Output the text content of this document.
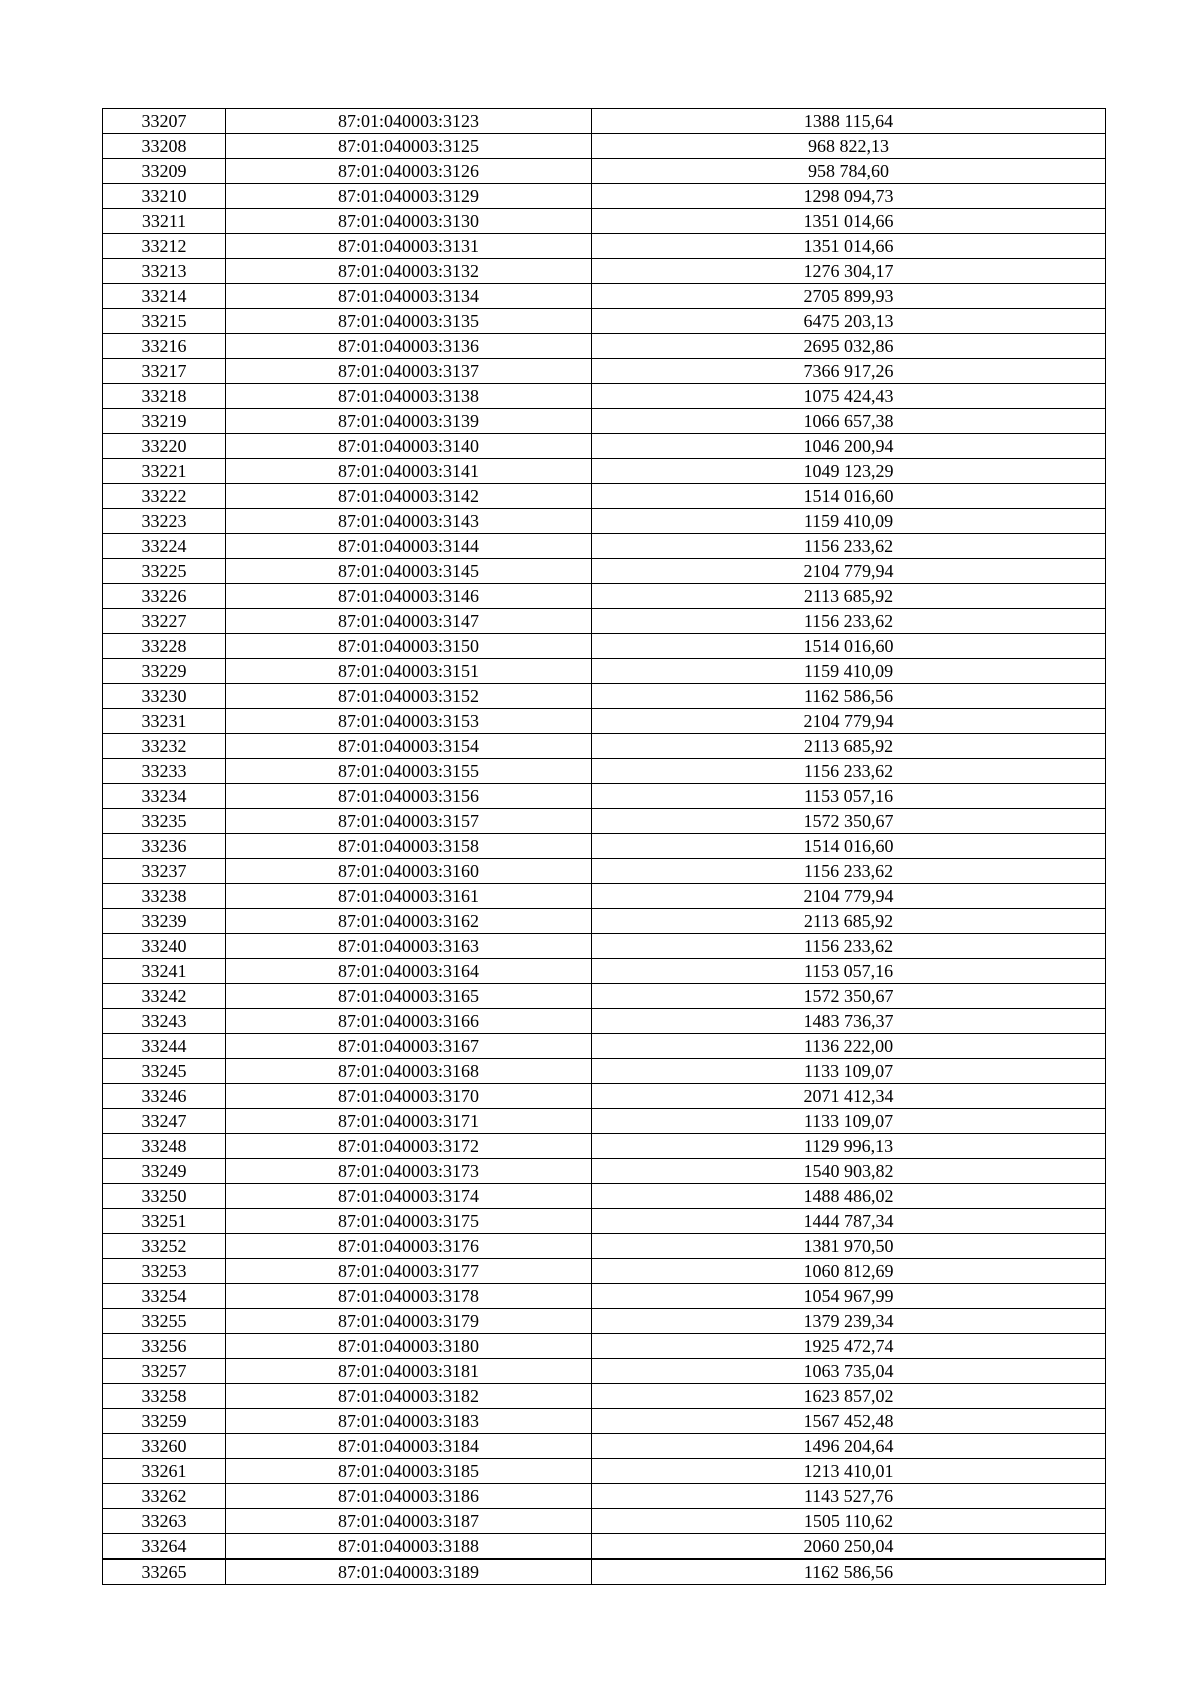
33207	87:01:040003:3123	1388 115,64
33208	87:01:040003:3125	968 822,13
33209	87:01:040003:3126	958 784,60
33210	87:01:040003:3129	1298 094,73
33211	87:01:040003:3130	1351 014,66
33212	87:01:040003:3131	1351 014,66
33213	87:01:040003:3132	1276 304,17
33214	87:01:040003:3134	2705 899,93
33215	87:01:040003:3135	6475 203,13
33216	87:01:040003:3136	2695 032,86
33217	87:01:040003:3137	7366 917,26
33218	87:01:040003:3138	1075 424,43
33219	87:01:040003:3139	1066 657,38
33220	87:01:040003:3140	1046 200,94
33221	87:01:040003:3141	1049 123,29
33222	87:01:040003:3142	1514 016,60
33223	87:01:040003:3143	1159 410,09
33224	87:01:040003:3144	1156 233,62
33225	87:01:040003:3145	2104 779,94
33226	87:01:040003:3146	2113 685,92
33227	87:01:040003:3147	1156 233,62
33228	87:01:040003:3150	1514 016,60
33229	87:01:040003:3151	1159 410,09
33230	87:01:040003:3152	1162 586,56
33231	87:01:040003:3153	2104 779,94
33232	87:01:040003:3154	2113 685,92
33233	87:01:040003:3155	1156 233,62
33234	87:01:040003:3156	1153 057,16
33235	87:01:040003:3157	1572 350,67
33236	87:01:040003:3158	1514 016,60
33237	87:01:040003:3160	1156 233,62
33238	87:01:040003:3161	2104 779,94
33239	87:01:040003:3162	2113 685,92
33240	87:01:040003:3163	1156 233,62
33241	87:01:040003:3164	1153 057,16
33242	87:01:040003:3165	1572 350,67
33243	87:01:040003:3166	1483 736,37
33244	87:01:040003:3167	1136 222,00
33245	87:01:040003:3168	1133 109,07
33246	87:01:040003:3170	2071 412,34
33247	87:01:040003:3171	1133 109,07
33248	87:01:040003:3172	1129 996,13
33249	87:01:040003:3173	1540 903,82
33250	87:01:040003:3174	1488 486,02
33251	87:01:040003:3175	1444 787,34
33252	87:01:040003:3176	1381 970,50
33253	87:01:040003:3177	1060 812,69
33254	87:01:040003:3178	1054 967,99
33255	87:01:040003:3179	1379 239,34
33256	87:01:040003:3180	1925 472,74
33257	87:01:040003:3181	1063 735,04
33258	87:01:040003:3182	1623 857,02
33259	87:01:040003:3183	1567 452,48
33260	87:01:040003:3184	1496 204,64
33261	87:01:040003:3185	1213 410,01
33262	87:01:040003:3186	1143 527,76
33263	87:01:040003:3187	1505 110,62
33264	87:01:040003:3188	2060 250,04
33265	87:01:040003:3189	1162 586,56
